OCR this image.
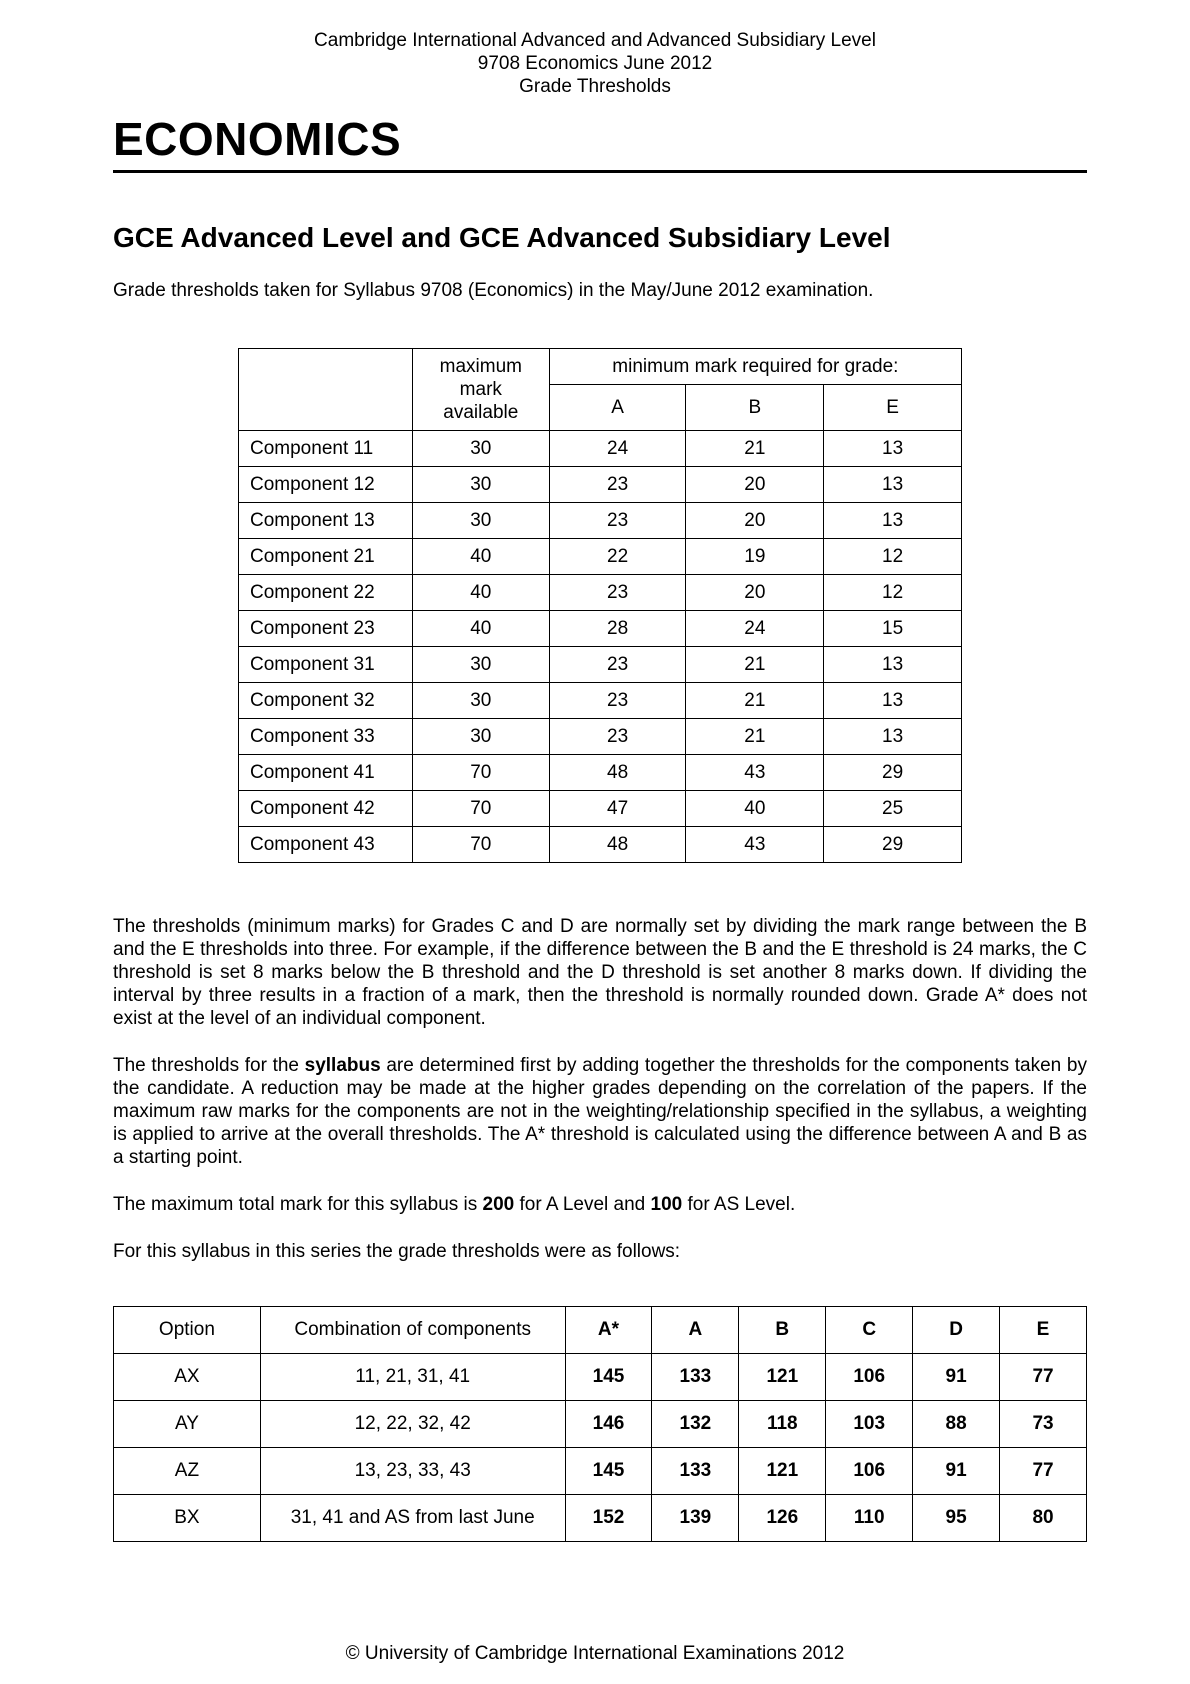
Cambridge International Advanced and Advanced Subsidiary Level
9708 Economics June 2012
Grade Thresholds
ECONOMICS
GCE Advanced Level and GCE Advanced Subsidiary Level
Grade thresholds taken for Syllabus 9708 (Economics) in the May/June 2012 examination.

	maximum mark available	minimum mark required for grade:		
		A	B	E
Component 11	30	24	21	13
Component 12	30	23	20	13
Component 13	30	23	20	13
Component 21	40	22	19	12
Component 22	40	23	20	12
Component 23	40	28	24	15
Component 31	30	23	21	13
Component 32	30	23	21	13
Component 33	30	23	21	13
Component 41	70	48	43	29
Component 42	70	47	40	25
Component 43	70	48	43	29

The thresholds (minimum marks) for Grades C and D are normally set by dividing the mark range between the B and the E thresholds into three. For example, if the difference between the B and the E threshold is 24 marks, the C threshold is set 8 marks below the B threshold and the D threshold is set another 8 marks down. If dividing the interval by three results in a fraction of a mark, then the threshold is normally rounded down. Grade A* does not exist at the level of an individual component.

The thresholds for the syllabus are determined first by adding together the thresholds for the components taken by the candidate. A reduction may be made at the higher grades depending on the correlation of the papers. If the maximum raw marks for the components are not in the weighting/relationship specified in the syllabus, a weighting is applied to arrive at the overall thresholds. The A* threshold is calculated using the difference between A and B as a starting point.

The maximum total mark for this syllabus is 200 for A Level and 100 for AS Level.

For this syllabus in this series the grade thresholds were as follows:

Option	Combination of components	A*	A	B	C	D	E
AX	11, 21, 31, 41	145	133	121	106	91	77
AY	12, 22, 32, 42	146	132	118	103	88	73
AZ	13, 23, 33, 43	145	133	121	106	91	77
BX	31, 41 and AS from last June	152	139	126	110	95	80
© University of Cambridge International Examinations 2012
